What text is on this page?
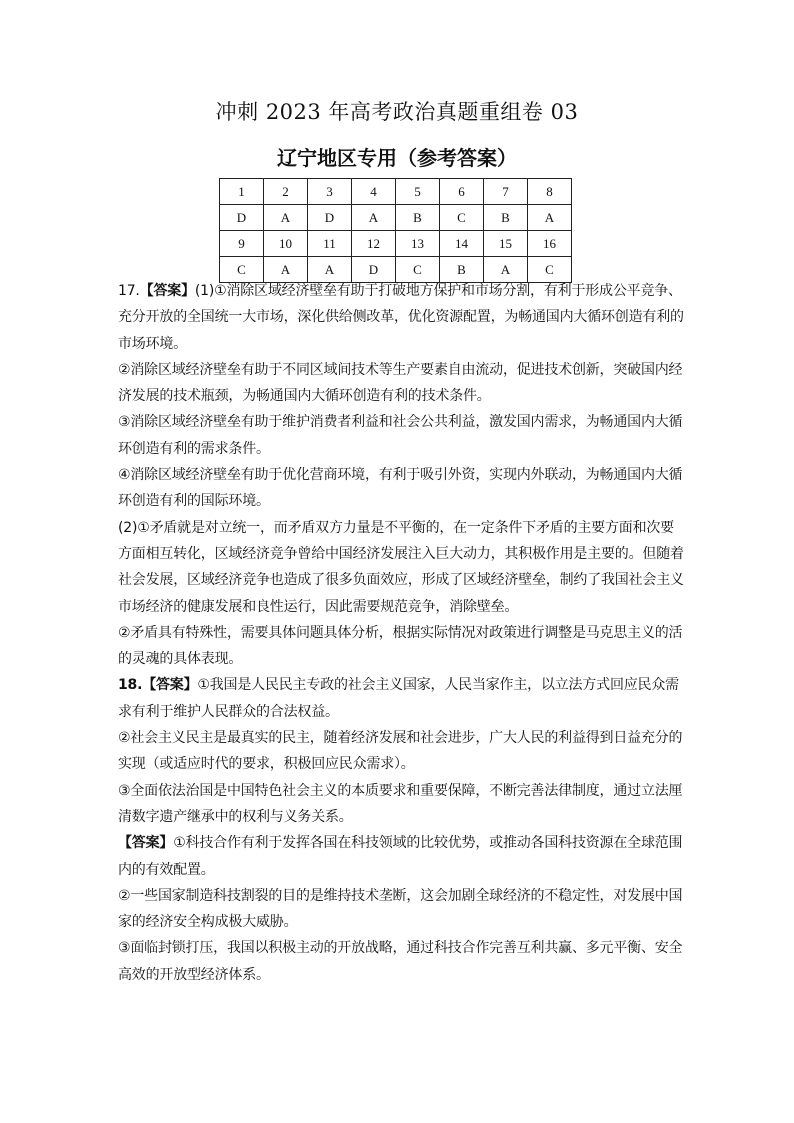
冲刺 2023 年高考政治真题重组卷 03
辽宁地区专用（参考答案）
1	2	3	4	5	6	7	8
D	A	D	A	B	C	B	A
9	10	11	12	13	14	15	16
C	A	A	D	C	B	A	C

17.【答案】(1)①消除区域经济壁垒有助于打破地方保护和市场分割，有利于形成公平竞争、充分开放的全国统一大市场，深化供给侧改革，优化资源配置，为畅通国内大循环创造有利的市场环境。

②消除区域经济壁垒有助于不同区域间技术等生产要素自由流动，促进技术创新，突破国内经济发展的技术瓶颈，为畅通国内大循环创造有利的技术条件。

③消除区域经济壁垒有助于维护消费者利益和社会公共利益，激发国内需求，为畅通国内大循环创造有利的需求条件。

④消除区域经济壁垒有助于优化营商环境，有利于吸引外资，实现内外联动，为畅通国内大循环创造有利的国际环境。

(2)①矛盾就是对立统一，而矛盾双方力量是不平衡的，在一定条件下矛盾的主要方面和次要方面相互转化，区域经济竞争曾给中国经济发展注入巨大动力，其积极作用是主要的。但随着社会发展，区域经济竞争也造成了很多负面效应，形成了区域经济壁垒，制约了我国社会主义市场经济的健康发展和良性运行，因此需要规范竞争，消除壁垒。

②矛盾具有特殊性，需要具体问题具体分析，根据实际情况对政策进行调整是马克思主义的活的灵魂的具体表现。

18.【答案】①我国是人民民主专政的社会主义国家，人民当家作主，以立法方式回应民众需求有利于维护人民群众的合法权益。

②社会主义民主是最真实的民主，随着经济发展和社会进步，广大人民的利益得到日益充分的实现（或适应时代的要求，积极回应民众需求）。

③全面依法治国是中国特色社会主义的本质要求和重要保障，不断完善法律制度，通过立法厘清数字遗产继承中的权利与义务关系。

【答案】①科技合作有利于发挥各国在科技领域的比较优势，或推动各国科技资源在全球范围内的有效配置。

②一些国家制造科技割裂的目的是维持技术垄断，这会加剧全球经济的不稳定性，对发展中国家的经济安全构成极大威胁。

③面临封锁打压，我国以积极主动的开放战略，通过科技合作完善互利共赢、多元平衡、安全高效的开放型经济体系。
